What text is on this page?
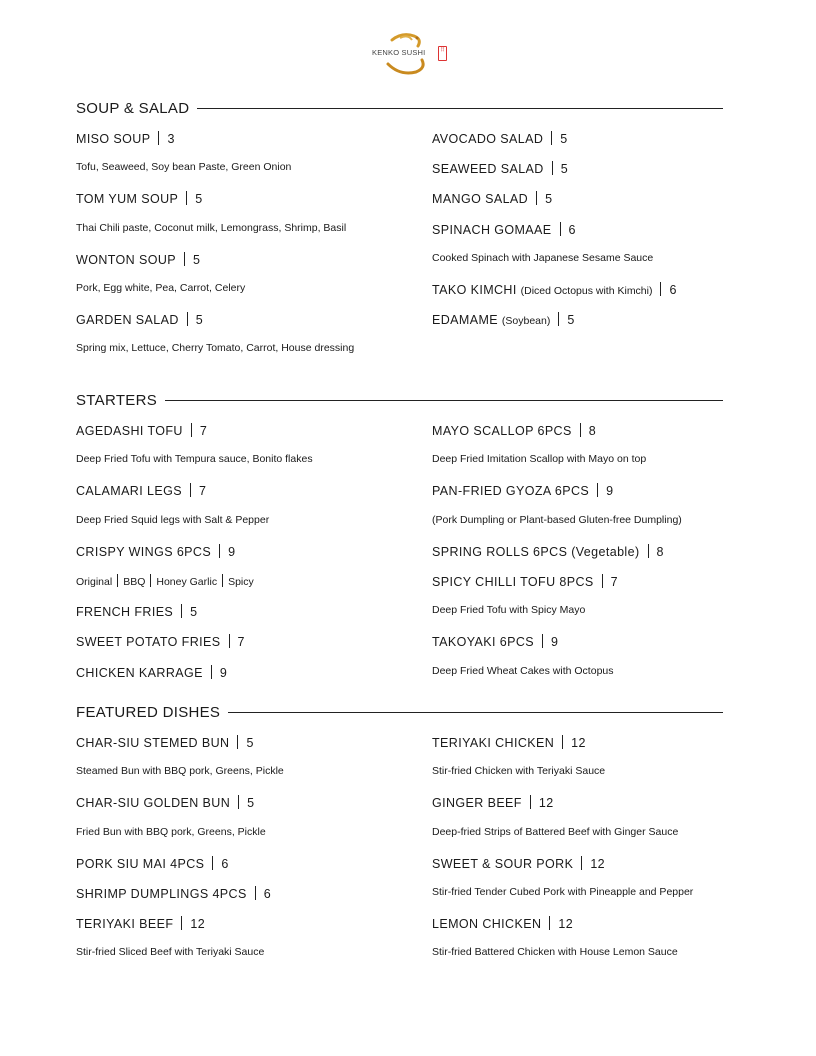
KENKO SUSHI	日
SOUP & SALAD
MISO SOUP 3
Tofu, Seaweed, Soy bean Paste, Green Onion
TOM YUM SOUP 5
Thai Chili paste, Coconut milk, Lemongrass, Shrimp, Basil
WONTON SOUP 5
Pork, Egg white, Pea, Carrot, Celery
GARDEN SALAD 5
Spring mix, Lettuce, Cherry Tomato, Carrot, House dressing
AVOCADO SALAD 5
SEAWEED SALAD 5
MANGO SALAD 5
SPINACH GOMAAE 6
Cooked Spinach with Japanese Sesame Sauce
TAKO KIMCHI (Diced Octopus with Kimchi) 6
EDAMAME (Soybean) 5
STARTERS
AGEDASHI TOFU 7
Deep Fried Tofu with Tempura sauce, Bonito flakes
CALAMARI LEGS 7
Deep Fried Squid legs with Salt & Pepper
CRISPY WINGS 6PCS 9
Original BBQ Honey Garlic Spicy
FRENCH FRIES 5
SWEET POTATO FRIES 7
CHICKEN KARRAGE 9
MAYO SCALLOP 6PCS 8
Deep Fried Imitation Scallop with Mayo on top
PAN-FRIED GYOZA 6PCS 9
(Pork Dumpling or Plant-based Gluten-free Dumpling)
SPRING ROLLS 6PCS (Vegetable) 8
SPICY CHILLI TOFU 8PCS 7
Deep Fried Tofu with Spicy Mayo
TAKOYAKI 6PCS 9
Deep Fried Wheat Cakes with Octopus
FEATURED DISHES
CHAR-SIU STEMED BUN 5
Steamed Bun with BBQ pork, Greens, Pickle
CHAR-SIU GOLDEN BUN 5
Fried Bun with BBQ pork, Greens, Pickle
PORK SIU MAI 4PCS 6
SHRIMP DUMPLINGS 4PCS 6
TERIYAKI BEEF 12
Stir-fried Sliced Beef with Teriyaki Sauce
TERIYAKI CHICKEN 12
Stir-fried Chicken with Teriyaki Sauce
GINGER BEEF 12
Deep-fried Strips of Battered Beef with Ginger Sauce
SWEET & SOUR PORK 12
Stir-fried Tender Cubed Pork with Pineapple and Pepper
LEMON CHICKEN 12
Stir-fried Battered Chicken with House Lemon Sauce
